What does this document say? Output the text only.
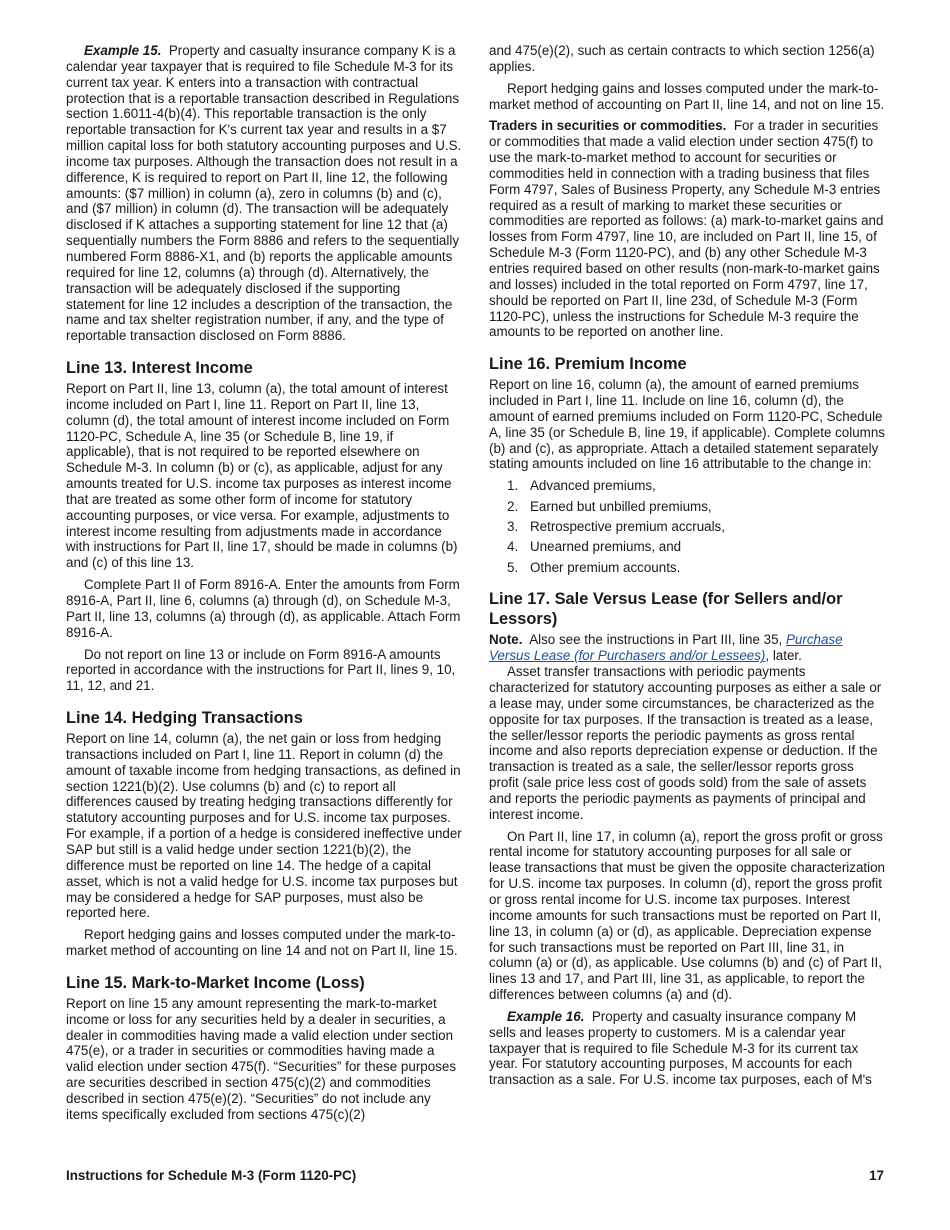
Example 15. Property and casualty insurance company K is a calendar year taxpayer that is required to file Schedule M-3 for its current tax year. K enters into a transaction with contractual protection that is a reportable transaction described in Regulations section 1.6011-4(b)(4). This reportable transaction is the only reportable transaction for K's current tax year and results in a $7 million capital loss for both statutory accounting purposes and U.S. income tax purposes. Although the transaction does not result in a difference, K is required to report on Part II, line 12, the following amounts: ($7 million) in column (a), zero in columns (b) and (c), and ($7 million) in column (d). The transaction will be adequately disclosed if K attaches a supporting statement for line 12 that (a) sequentially numbers the Form 8886 and refers to the sequentially numbered Form 8886-X1, and (b) reports the applicable amounts required for line 12, columns (a) through (d). Alternatively, the transaction will be adequately disclosed if the supporting statement for line 12 includes a description of the transaction, the name and tax shelter registration number, if any, and the type of reportable transaction disclosed on Form 8886.

Line 13. Interest Income

Report on Part II, line 13, column (a), the total amount of interest income included on Part I, line 11. Report on Part II, line 13, column (d), the total amount of interest income included on Form 1120-PC, Schedule A, line 35 (or Schedule B, line 19, if applicable), that is not required to be reported elsewhere on Schedule M-3. In column (b) or (c), as applicable, adjust for any amounts treated for U.S. income tax purposes as interest income that are treated as some other form of income for statutory accounting purposes, or vice versa. For example, adjustments to interest income resulting from adjustments made in accordance with instructions for Part II, line 17, should be made in columns (b) and (c) of this line 13.

Complete Part II of Form 8916-A. Enter the amounts from Form 8916-A, Part II, line 6, columns (a) through (d), on Schedule M-3, Part II, line 13, columns (a) through (d), as applicable. Attach Form 8916-A.

Do not report on line 13 or include on Form 8916-A amounts reported in accordance with the instructions for Part II, lines 9, 10, 11, 12, and 21.

Line 14. Hedging Transactions

Report on line 14, column (a), the net gain or loss from hedging transactions included on Part I, line 11. Report in column (d) the amount of taxable income from hedging transactions, as defined in section 1221(b)(2). Use columns (b) and (c) to report all differences caused by treating hedging transactions differently for statutory accounting purposes and for U.S. income tax purposes. For example, if a portion of a hedge is considered ineffective under SAP but still is a valid hedge under section 1221(b)(2), the difference must be reported on line 14. The hedge of a capital asset, which is not a valid hedge for U.S. income tax purposes but may be considered a hedge for SAP purposes, must also be reported here.

Report hedging gains and losses computed under the mark-to-market method of accounting on line 14 and not on Part II, line 15.

Line 15. Mark-to-Market Income (Loss)

Report on line 15 any amount representing the mark-to-market income or loss for any securities held by a dealer in securities, a dealer in commodities having made a valid election under section 475(e), or a trader in securities or commodities having made a valid election under section 475(f). “Securities” for these purposes are securities described in section 475(c)(2) and commodities described in section 475(e)(2). “Securities” do not include any items specifically excluded from sections 475(c)(2)

and 475(e)(2), such as certain contracts to which section 1256(a) applies.

Report hedging gains and losses computed under the mark-to-market method of accounting on Part II, line 14, and not on line 15.

Traders in securities or commodities. For a trader in securities or commodities that made a valid election under section 475(f) to use the mark-to-market method to account for securities or commodities held in connection with a trading business that files Form 4797, Sales of Business Property, any Schedule M-3 entries required as a result of marking to market these securities or commodities are reported as follows: (a) mark-to-market gains and losses from Form 4797, line 10, are included on Part II, line 15, of Schedule M-3 (Form 1120-PC), and (b) any other Schedule M-3 entries required based on other results (non-mark-to-market gains and losses) included in the total reported on Form 4797, line 17, should be reported on Part II, line 23d, of Schedule M-3 (Form 1120-PC), unless the instructions for Schedule M-3 require the amounts to be reported on another line.

Line 16. Premium Income

Report on line 16, column (a), the amount of earned premiums included in Part I, line 11. Include on line 16, column (d), the amount of earned premiums included on Form 1120-PC, Schedule A, line 35 (or Schedule B, line 19, if applicable). Complete columns (b) and (c), as appropriate. Attach a detailed statement separately stating amounts included on line 16 attributable to the change in:

1. Advanced premiums,
2. Earned but unbilled premiums,
3. Retrospective premium accruals,
4. Unearned premiums, and
5. Other premium accounts.
Line 17. Sale Versus Lease (for Sellers and/or Lessors)

Note. Also see the instructions in Part III, line 35, Purchase Versus Lease (for Purchasers and/or Lessees), later.

Asset transfer transactions with periodic payments characterized for statutory accounting purposes as either a sale or a lease may, under some circumstances, be characterized as the opposite for tax purposes. If the transaction is treated as a lease, the seller/lessor reports the periodic payments as gross rental income and also reports depreciation expense or deduction. If the transaction is treated as a sale, the seller/lessor reports gross profit (sale price less cost of goods sold) from the sale of assets and reports the periodic payments as payments of principal and interest income.

On Part II, line 17, in column (a), report the gross profit or gross rental income for statutory accounting purposes for all sale or lease transactions that must be given the opposite characterization for U.S. income tax purposes. In column (d), report the gross profit or gross rental income for U.S. income tax purposes. Interest income amounts for such transactions must be reported on Part II, line 13, in column (a) or (d), as applicable. Depreciation expense for such transactions must be reported on Part III, line 31, in column (a) or (d), as applicable. Use columns (b) and (c) of Part II, lines 13 and 17, and Part III, line 31, as applicable, to report the differences between columns (a) and (d).

Example 16. Property and casualty insurance company M sells and leases property to customers. M is a calendar year taxpayer that is required to file Schedule M-3 for its current tax year. For statutory accounting purposes, M accounts for each transaction as a sale. For U.S. income tax purposes, each of M's

Instructions for Schedule M-3 (Form 1120-PC)	17
